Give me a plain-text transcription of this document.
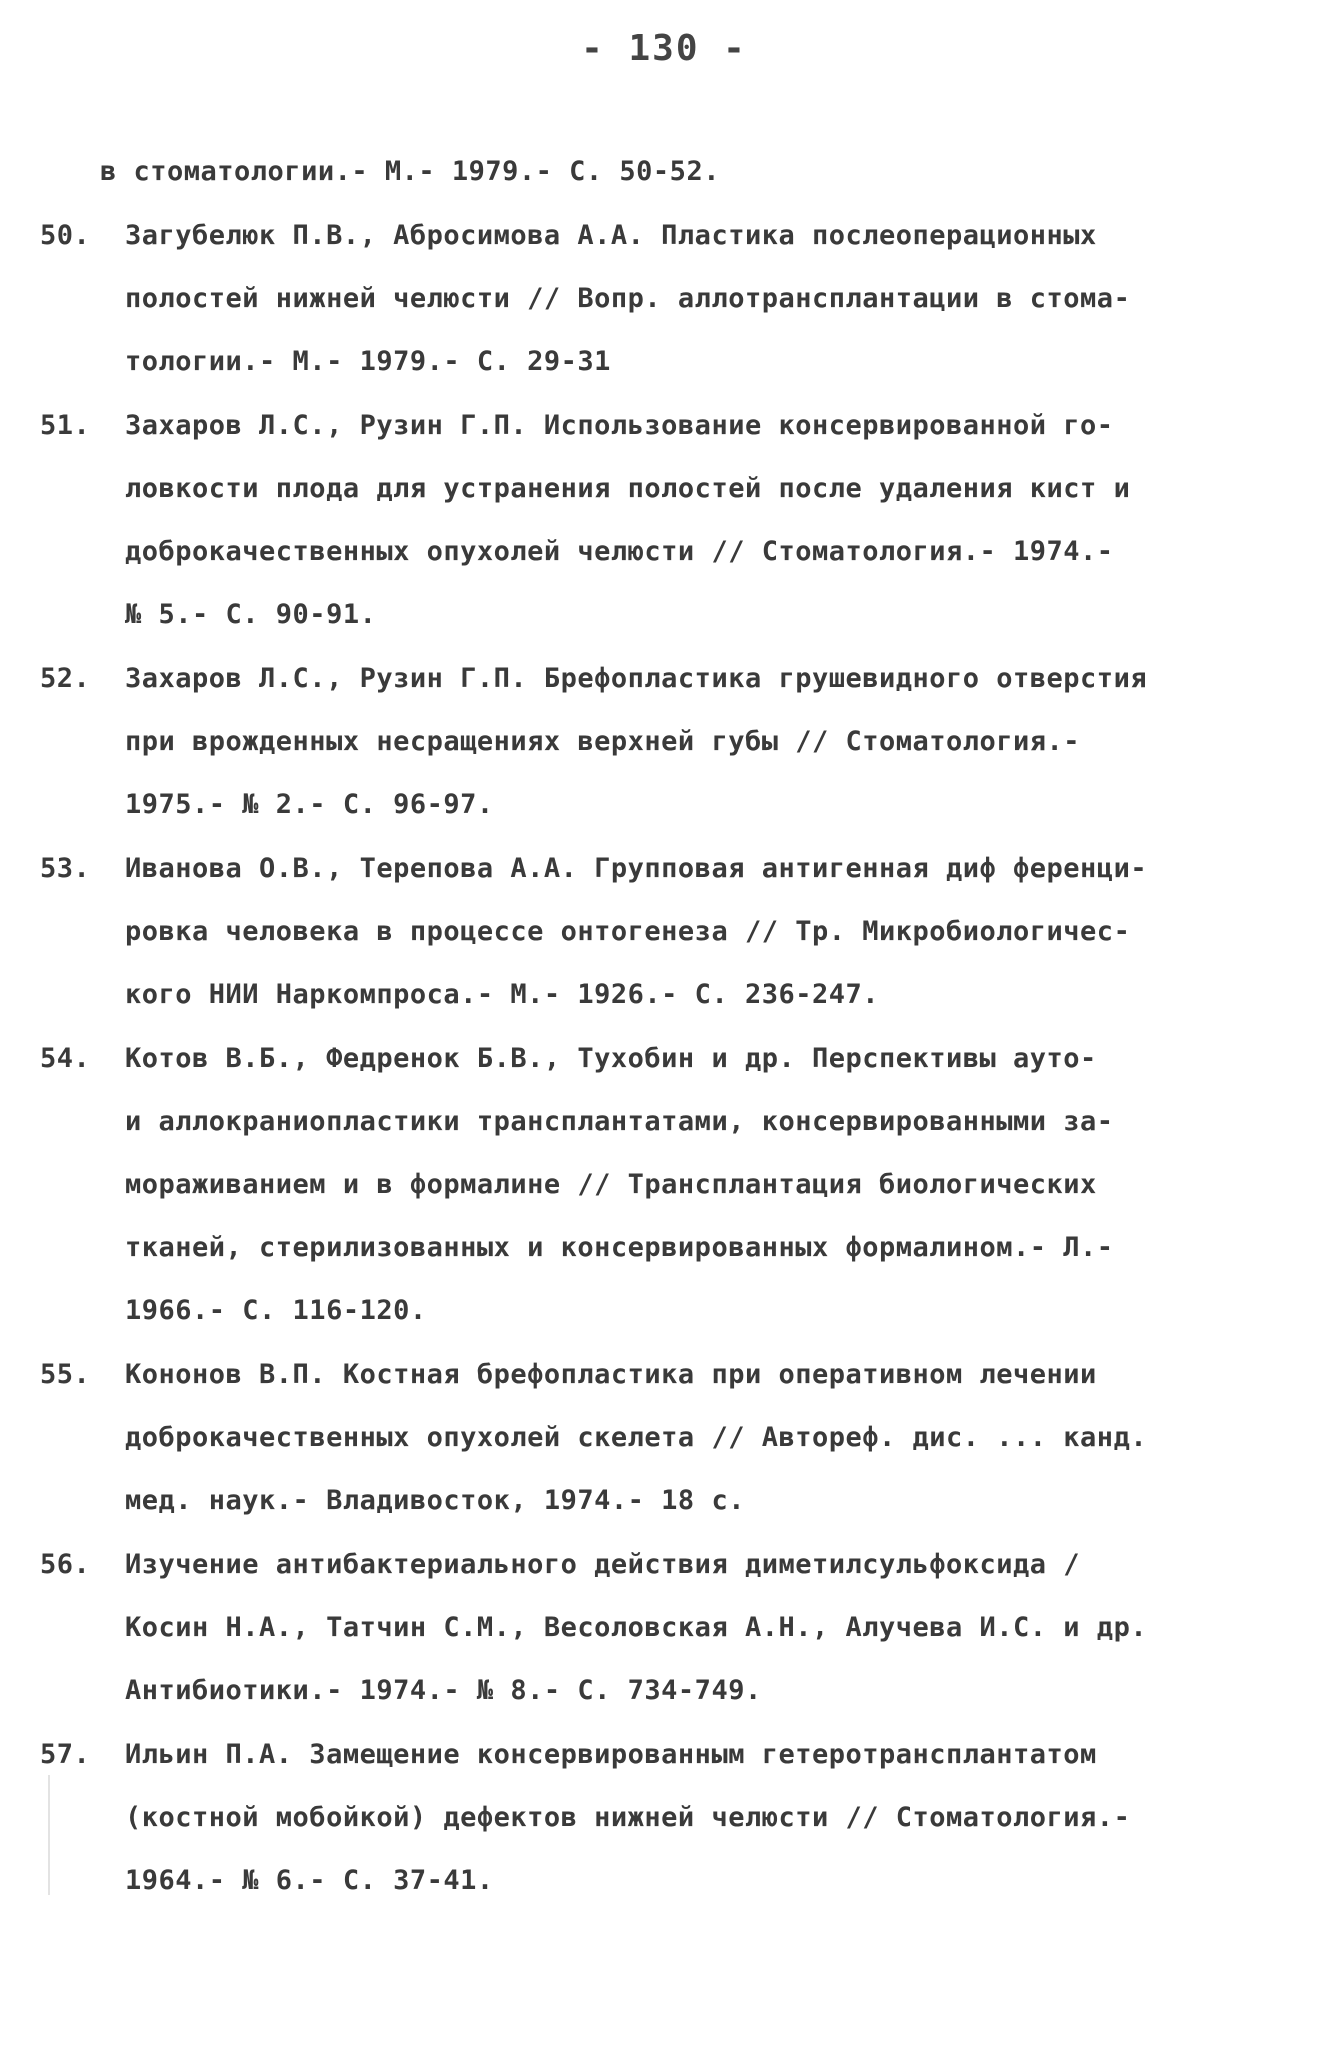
- 130 -
в стоматологии.- М.- 1979.- С. 50-52.
50. Загубелюк П.В., Абросимова А.А. Пластика послеоперационных
полостей нижней челюсти // Вопр. аллотрансплантации в стома-
тологии.- М.- 1979.- С. 29-31
51. Захаров Л.С., Рузин Г.П. Использование консервированной го-
ловкости плода для устранения полостей после удаления кист и
доброкачественных опухолей челюсти // Стоматология.- 1974.-
№ 5.- С. 90-91.
52. Захаров Л.С., Рузин Г.П. Брефопластика грушевидного отверстия
при врожденных несращениях верхней губы // Стоматология.-
1975.- № 2.- С. 96-97.
53. Ивановa О.В., Терепова А.А. Групповая антигенная диф ференци-
ровка человека в процессе онтогенеза // Тр. Микробиологичес-
кого НИИ Наркомпроса.- М.- 1926.- С. 236-247.
54. Котов В.Б., Федренок Б.В., Тухобин и др. Перспективы ауто-
и аллокраниопластики трансплантатами, консервированными за-
мораживанием и в формалине // Трансплантация биологических
тканей, стерилизованных и консервированных формалином.- Л.-
1966.- С. 116-120.
55. Кононов В.П. Костная брефопластика при оперативном лечении
доброкачественных опухолей скелета // Автореф. дис. ... канд.
мед. наук.- Владивосток, 1974.- 18 с.
56. Изучение антибактериального действия диметилсульфоксида /
Косин Н.А., Татчин С.М., Весоловская А.Н., Алучева И.С. и др.
Антибиотики.- 1974.- № 8.- С. 734-749.
57. Ильин П.А. Замещение консервированным гетеротрансплантатом
(костной мобойкой) дефектов нижней челюсти // Стоматология.-
1964.- № 6.- С. 37-41.
